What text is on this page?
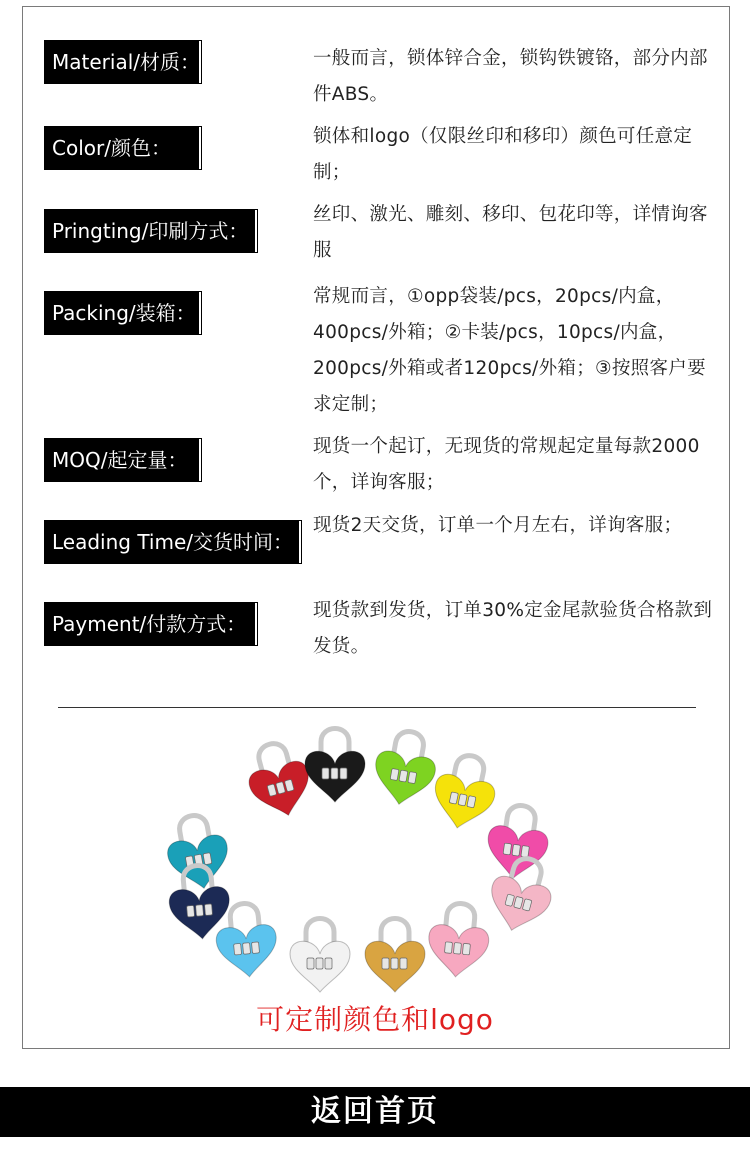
Material/材质：	一般而言，锁体锌合金，锁钩铁镀铬，部分内部件ABS。
Color/颜色：	锁体和logo（仅限丝印和移印）颜色可任意定制；
Pringting/印刷方式：
丝印、激光、雕刻、移印、包花印等，详情询客服
Packing/装箱：
常规而言，①opp袋装/pcs，20pcs/内盒，400pcs/外箱；②卡装/pcs，10pcs/内盒，200pcs/外箱或者120pcs/外箱；③按照客户要求定制；
MOQ/起定量：
现货一个起订，无现货的常规起定量每款2000个，详询客服；
Leading Time/交货时间：
现货2天交货，订单一个月左右，详询客服；
Payment/付款方式：
现货款到发货，订单30%定金尾款验货合格款到发货。
可定制颜色和logo
返回首页
